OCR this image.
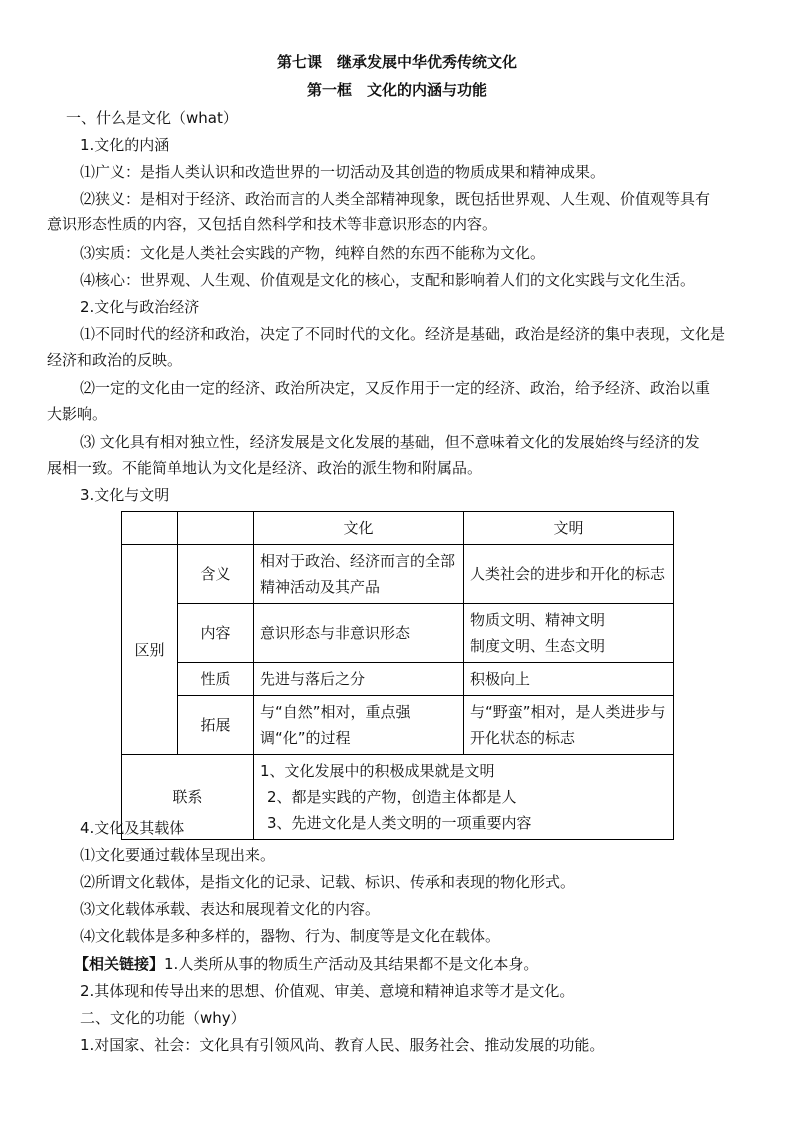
第七课　继承发展中华优秀传统文化
第一框　文化的内涵与功能
一、什么是文化（what）
1.文化的内涵
⑴广义：是指人类认识和改造世界的一切活动及其创造的物质成果和精神成果。
⑵狭义：是相对于经济、政治而言的人类全部精神现象，既包括世界观、人生观、价值观等具有
意识形态性质的内容，又包括自然科学和技术等非意识形态的内容。
⑶实质：文化是人类社会实践的产物，纯粹自然的东西不能称为文化。
⑷核心：世界观、人生观、价值观是文化的核心，支配和影响着人们的文化实践与文化生活。
2.文化与政治经济
⑴不同时代的经济和政治，决定了不同时代的文化。经济是基础，政治是经济的集中表现，文化是
经济和政治的反映。
⑵一定的文化由一定的经济、政治所决定，又反作用于一定的经济、政治，给予经济、政治以重
大影响。
⑶ 文化具有相对独立性，经济发展是文化发展的基础，但不意味着文化的发展始终与经济的发
展相一致。不能简单地认为文化是经济、政治的派生物和附属品。
3.文化与文明
		文化	文明
区别	含义	相对于政治、经济而言的全部精神活动及其产品	人类社会的进步和开化的标志
	内容	意识形态与非意识形态	物质文明、精神文明
制度文明、生态文明

	性质	先进与落后之分	积极向上
	拓展	与“自然”相对，重点强调“化”的过程	与“野蛮”相对，是人类进步与开化状态的标志
联系		1、文化发展中的积极成果就是文明
2、都是实践的产物，创造主体都是人
3、先进文化是人类文明的一项重要内容	
4.文化及其载体
⑴文化要通过载体呈现出来。
⑵所谓文化载体，是指文化的记录、记载、标识、传承和表现的物化形式。
⑶文化载体承载、表达和展现着文化的内容。
⑷文化载体是多种多样的，器物、行为、制度等是文化在载体。
【相关链接】1.人类所从事的物质生产活动及其结果都不是文化本身。
2.其体现和传导出来的思想、价值观、审美、意境和精神追求等才是文化。
二、文化的功能（why）
1.对国家、社会：文化具有引领风尚、教育人民、服务社会、推动发展的功能。
